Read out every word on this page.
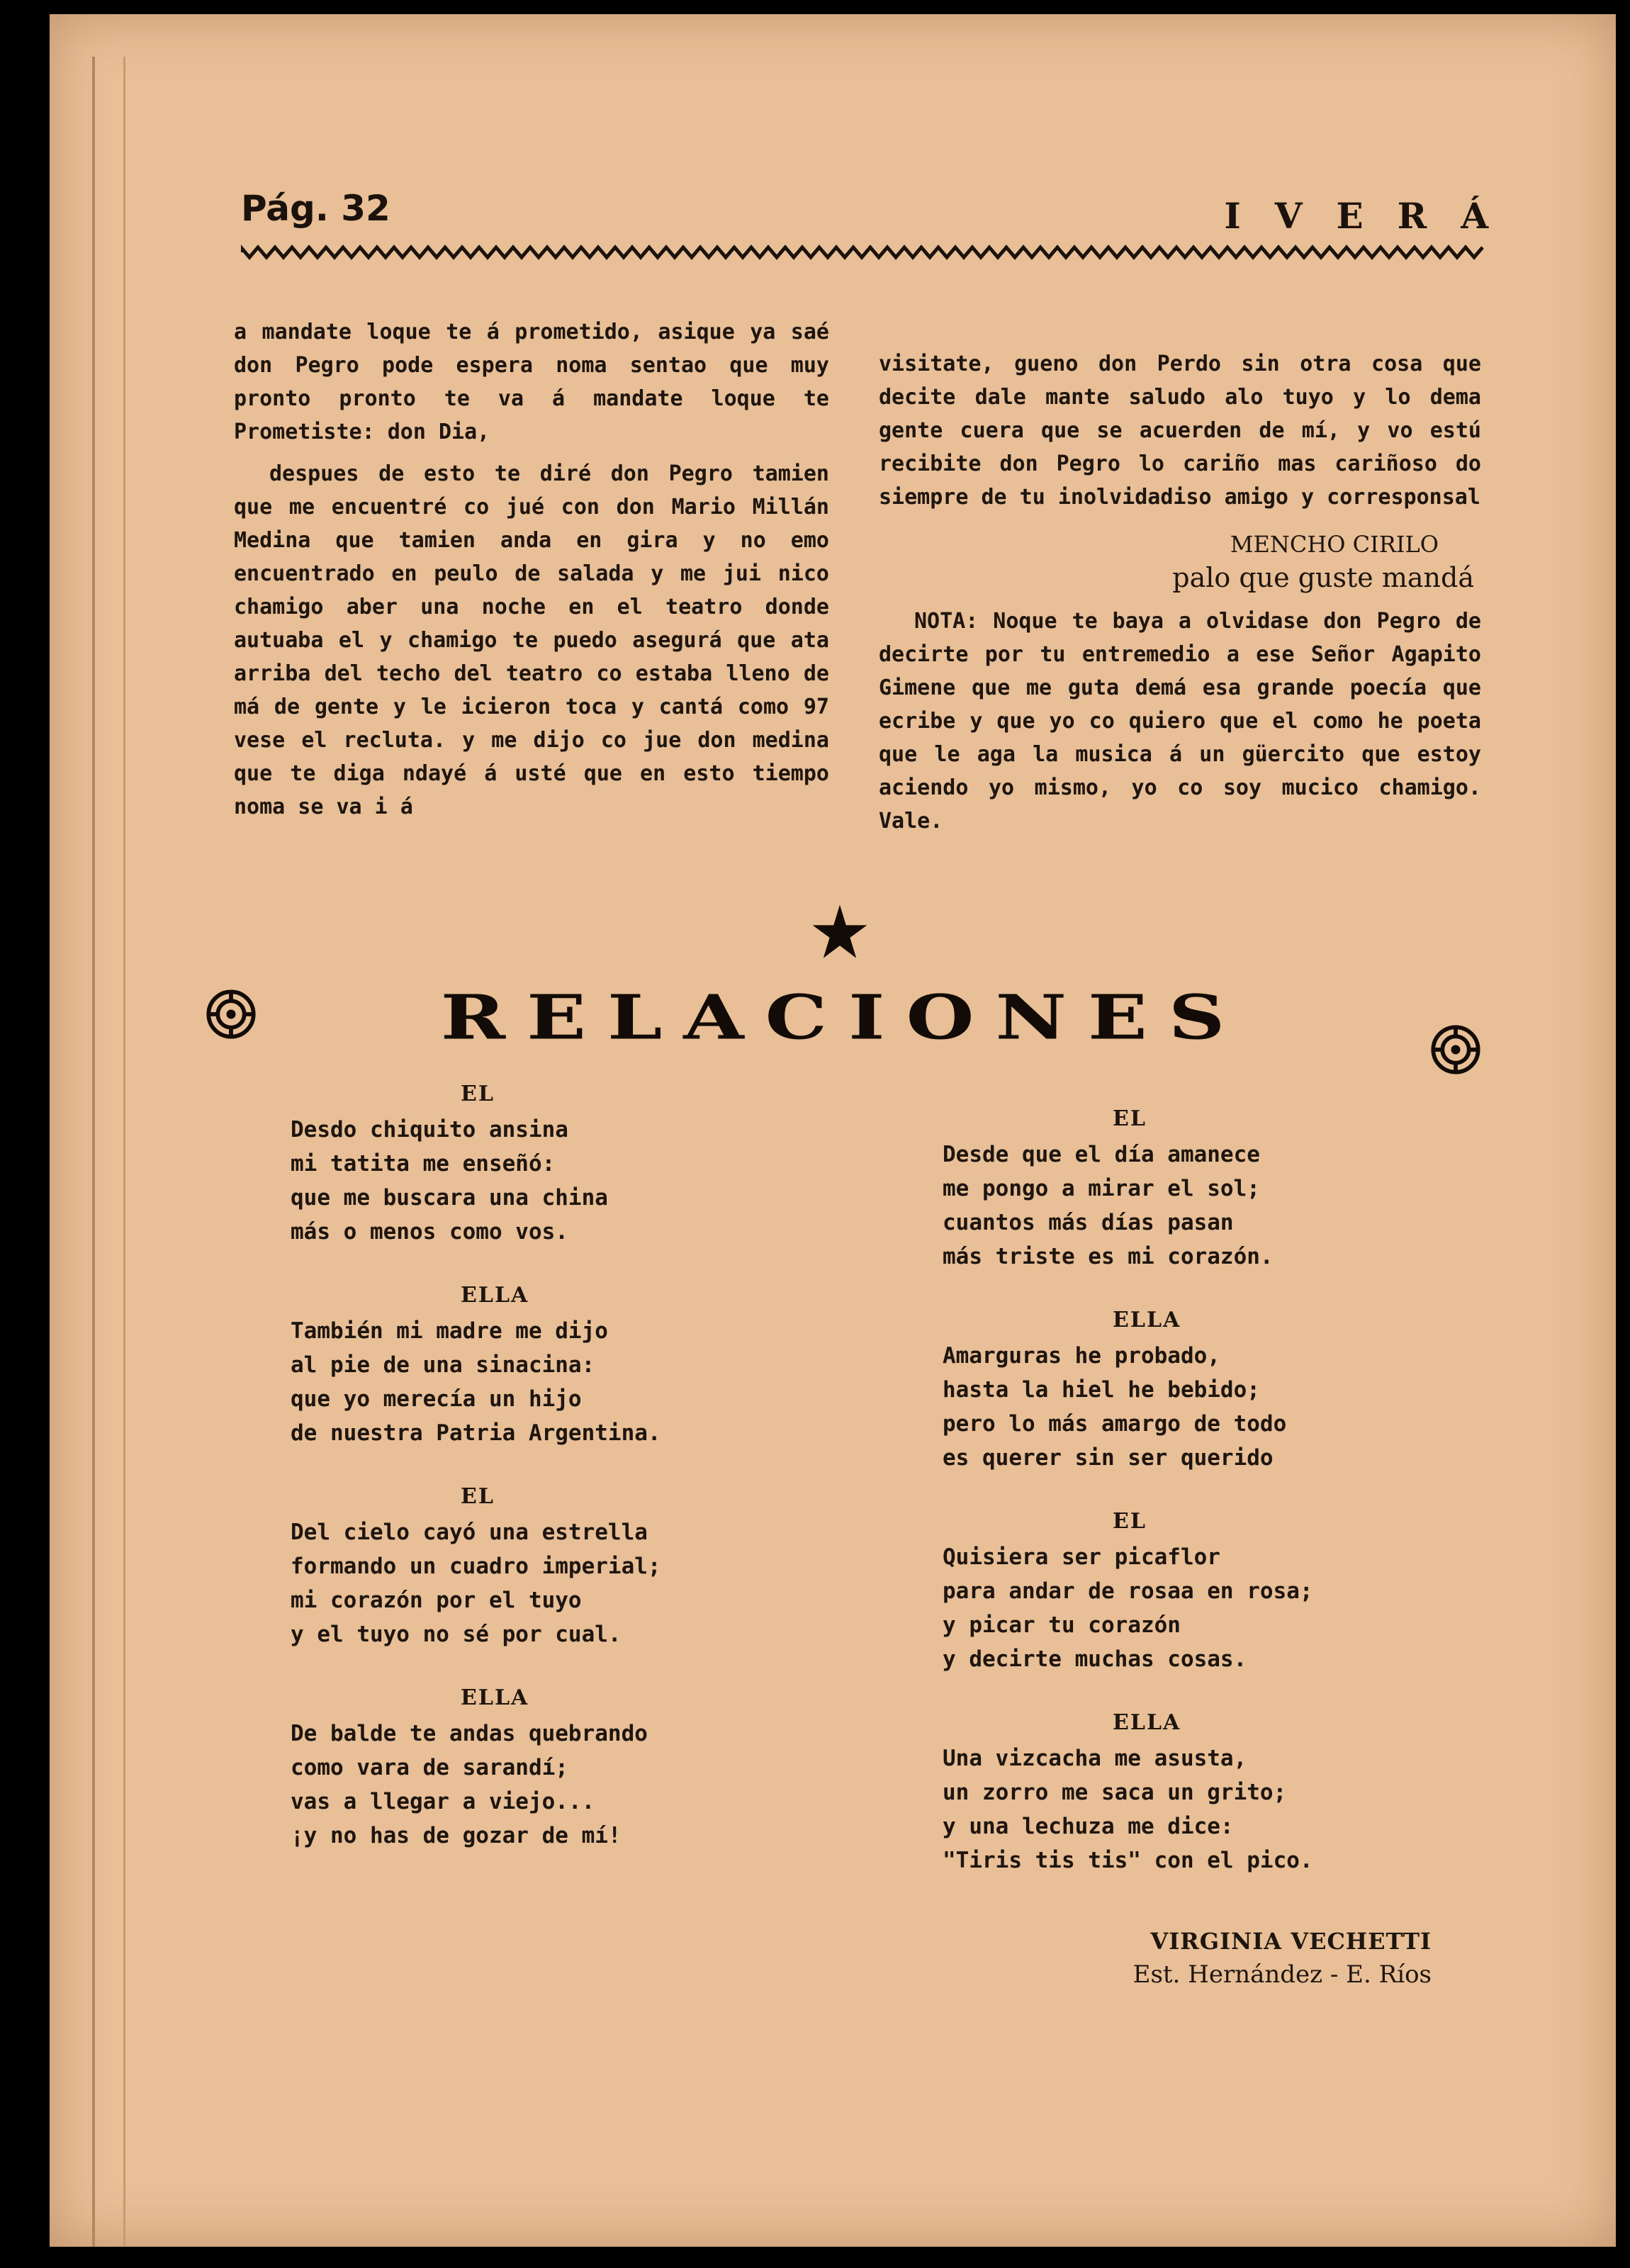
Pág. 32	IVERÁ

a mandate loque te á prometido, asique ya saé don Pegro pode espera noma sentao que muy pronto pronto te va á mandate loque te Prometiste: don Dia,

despues de esto te diré don Pegro tamien que me encuentré co jué con don Mario Millán Medina que tamien anda en gira y no emo encuentrado en peulo de salada y me jui nico chamigo aber una noche en el teatro donde autuaba el y chamigo te puedo asegurá que ata arriba del techo del teatro co estaba lleno de má de gente y le icieron toca y cantá como 97 vese el recluta. y me dijo co jue don medina que te diga ndayé á usté que en esto tiempo noma se va i á

visitate, gueno don Perdo sin otra cosa que decite dale mante saludo alo tuyo y lo dema gente cuera que se acuerden de mí, y vo estú recibite don Pegro lo cariño mas cariñoso do siempre de tu inolvidadiso amigo y corresponsal

MENCHO CIRILO
palo que guste mandá

NOTA: Noque te baya a olvidase don Pegro de decirte por tu entremedio a ese Señor Agapito Gimene que me guta demá esa grande poecía que ecribe y que yo co quiero que el como he poeta que le aga la musica á un güercito que estoy aciendo yo mismo, yo co soy mucico chamigo. Vale.

RELACIONES
EL
Desdo chiquito ansina
mi tatita me enseñó:
que me buscara una china
más o menos como vos.
ELLA
También mi madre me dijo
al pie de una sinacina:
que yo merecía un hijo
de nuestra Patria Argentina.
EL
Del cielo cayó una estrella
formando un cuadro imperial;
mi corazón por el tuyo
y el tuyo no sé por cual.
ELLA
De balde te andas quebrando
como vara de sarandí;
vas a llegar a viejo...
¡y no has de gozar de mí!
EL
Desde que el día amanece
me pongo a mirar el sol;
cuantos más días pasan
más triste es mi corazón.
ELLA
Amarguras he probado,
hasta la hiel he bebido;
pero lo más amargo de todo
es querer sin ser querido
EL
Quisiera ser picaflor
para andar de rosaa en rosa;
y picar tu corazón
y decirte muchas cosas.
ELLA
Una vizcacha me asusta,
un zorro me saca un grito;
y una lechuza me dice:
"Tiris tis tis" con el pico.
VIRGINIA VECHETTI
Est. Hernández - E. Ríos
